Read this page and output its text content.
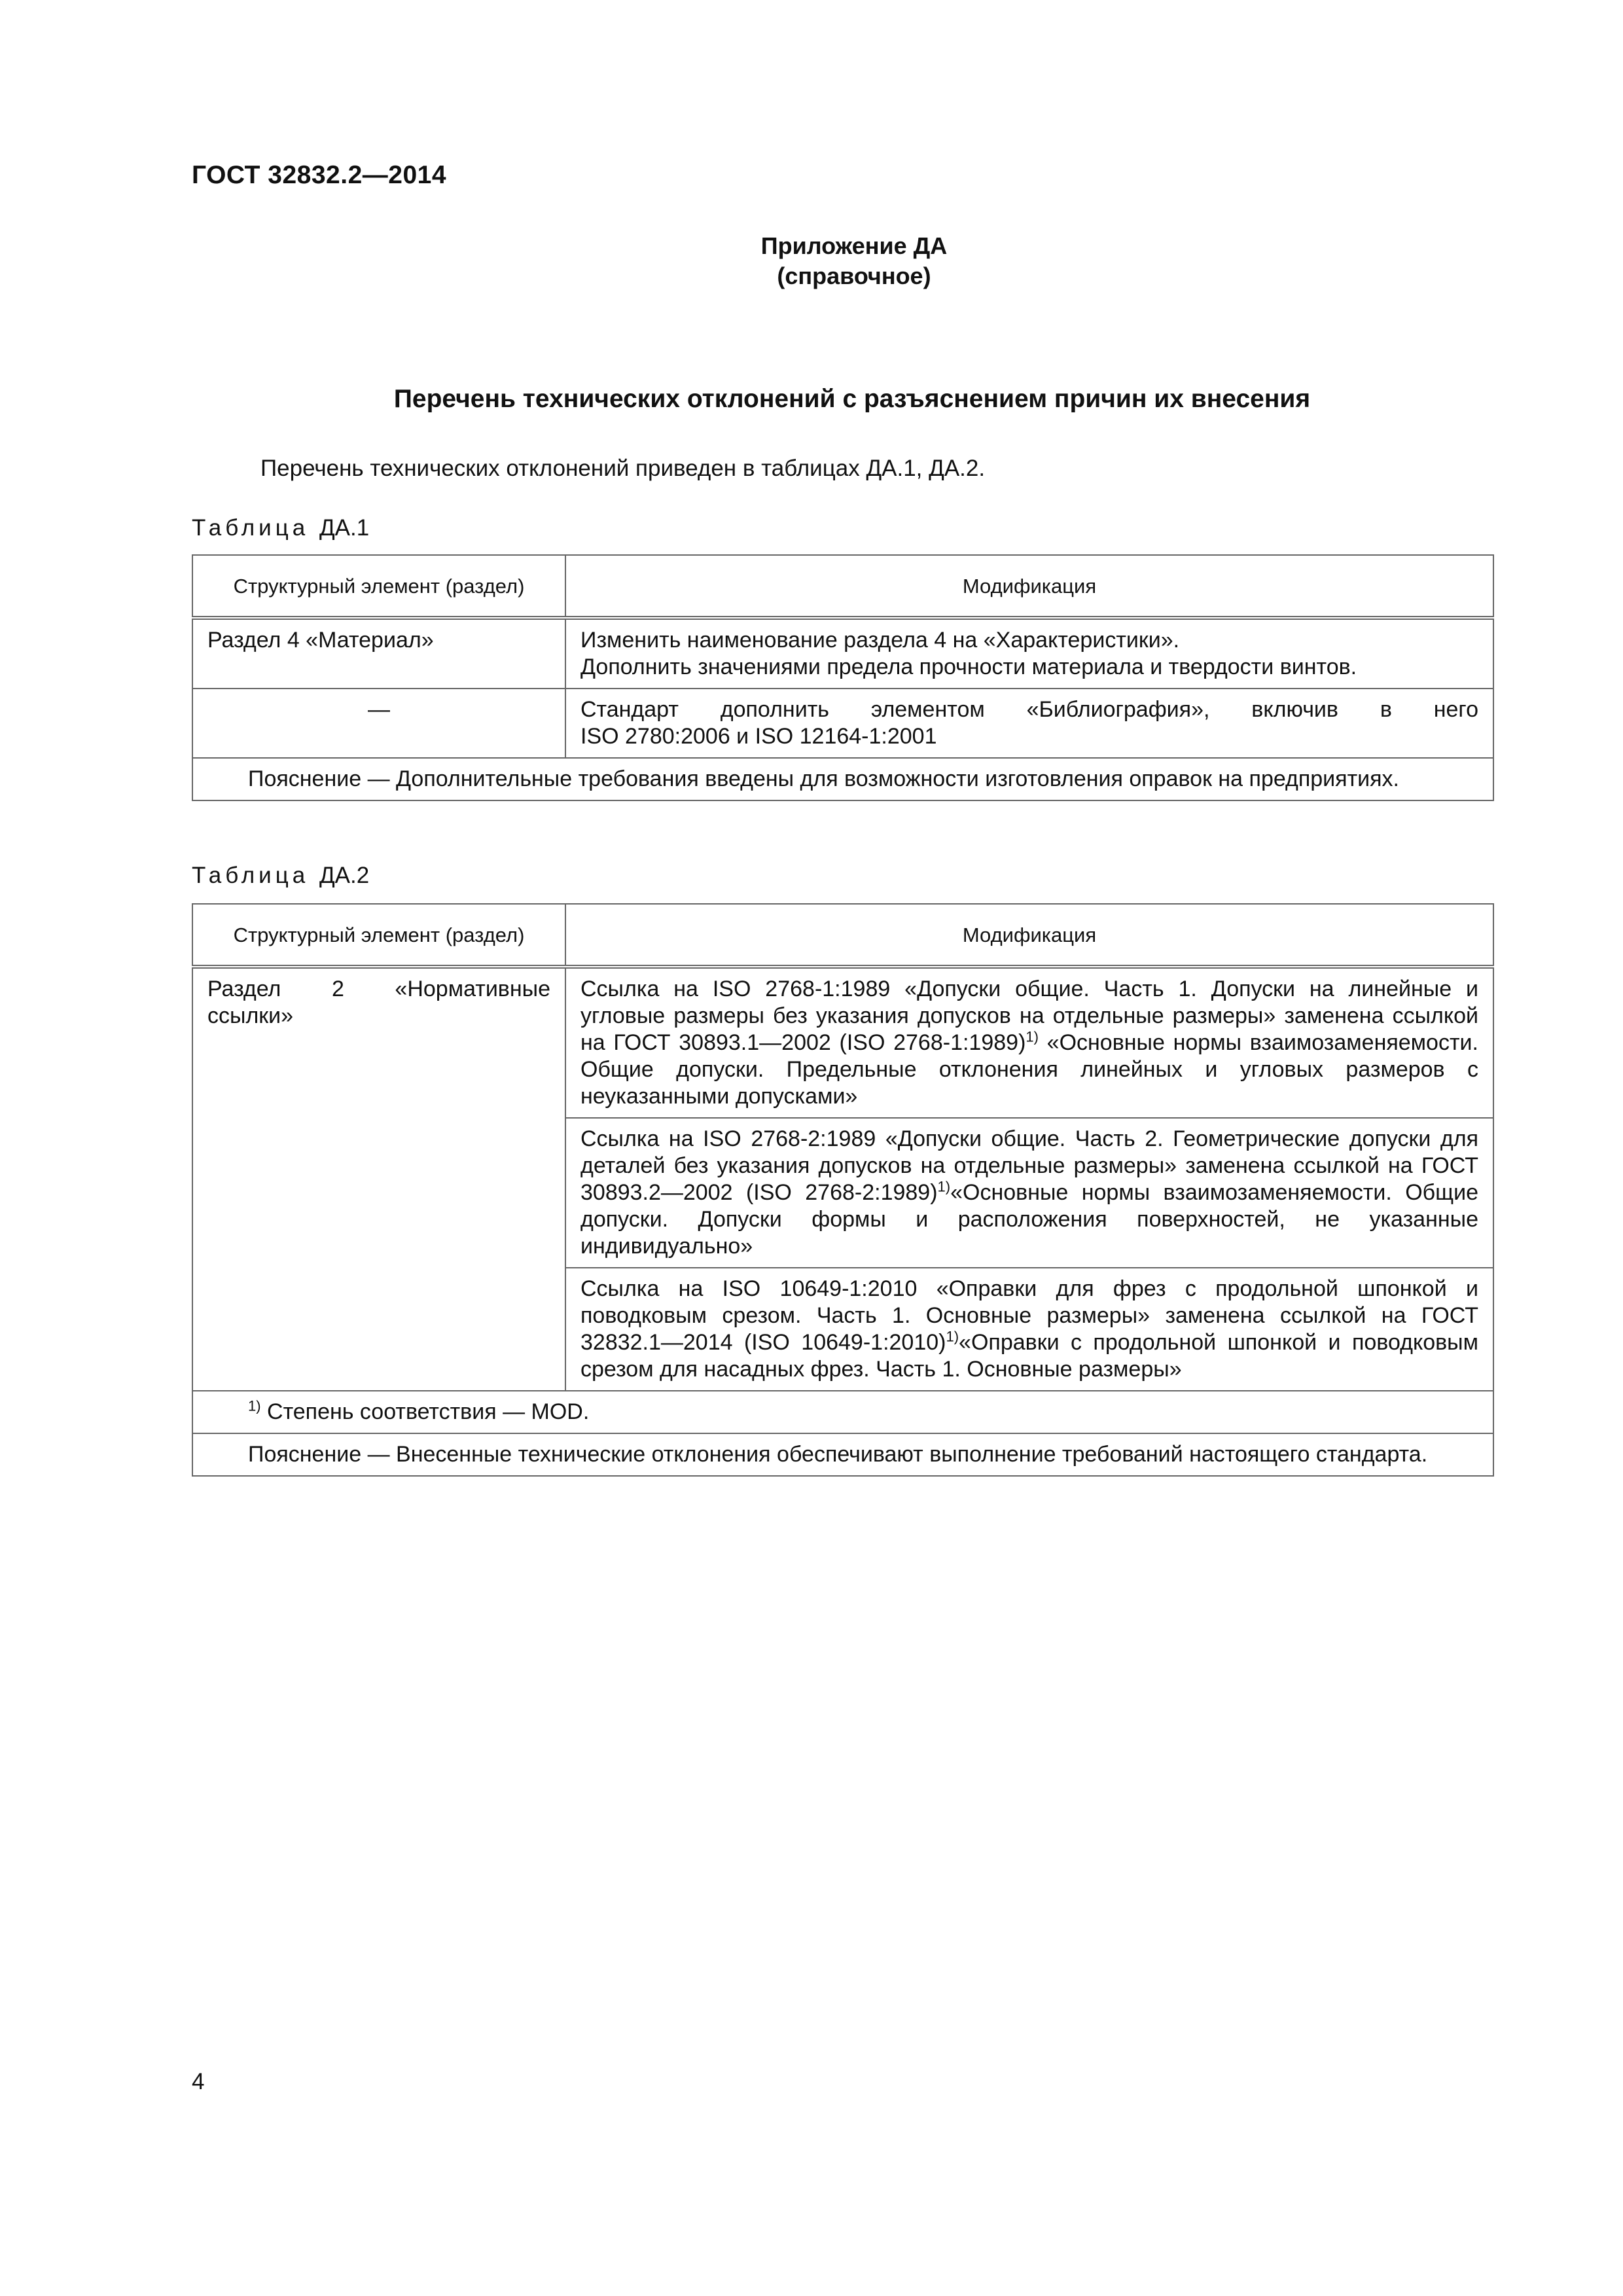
ГОСТ 32832.2—2014
Приложение ДА
(справочное)
Перечень технических отклонений с разъяснением причин их внесения
Перечень технических отклонений приведен в таблицах ДА.1, ДА.2.
Таблица ДА.1
Структурный элемент (раздел)	Модификация
Раздел 4 «Материал»	Изменить наименование раздела 4 на «Характеристики».
Дополнить значениями предела прочности материала и твердости винтов.

—	Стандарт дополнить элементом «Библиография», включив в него
ISO 2780:2006 и ISO 12164-1:2001

Пояснение — Дополнительные требования введены для возможности изготовления оправок на предприятиях.	
Таблица ДА.2
Структурный элемент (раздел)	Модификация

Раздел 2 «Нормативные ссылки»	Ссылка на ISO 2768-1:1989 «Допуски общие. Часть 1. Допуски на линейные и угловые размеры без указания допусков на отдельные размеры» заменена ссылкой на ГОСТ 30893.1—2002 (ISO 2768-1:1989)$^{1)}$ «Основные нормы взаимозаменяемости. Общие допуски. Предельные отклонения линейных и угловых размеров с неуказанными допусками»
	Ссылка на ISO 2768-2:1989 «Допуски общие. Часть 2. Геометрические допуски для деталей без указания допусков на отдельные размеры» заменена ссылкой на ГОСТ 30893.2—2002 (ISO 2768-2:1989)$^{1)}$«Основные нормы взаимозаменяемости. Общие допуски. Допуски формы и расположения поверхностей, не указанные индивидуально»
	Ссылка на ISO 10649-1:2010 «Оправки для фрез с продольной шпонкой и поводковым срезом. Часть 1. Основные размеры» заменена ссылкой на ГОСТ 32832.1—2014 (ISO 10649-1:2010)$^{1)}$«Оправки с продольной шпонкой и поводковым срезом для насадных фрез. Часть 1. Основные размеры»
$^{1)}$ Степень соответствия — MOD.	
Пояснение — Внесенные технические отклонения обеспечивают выполнение требований настоящего стандарта.	
4
